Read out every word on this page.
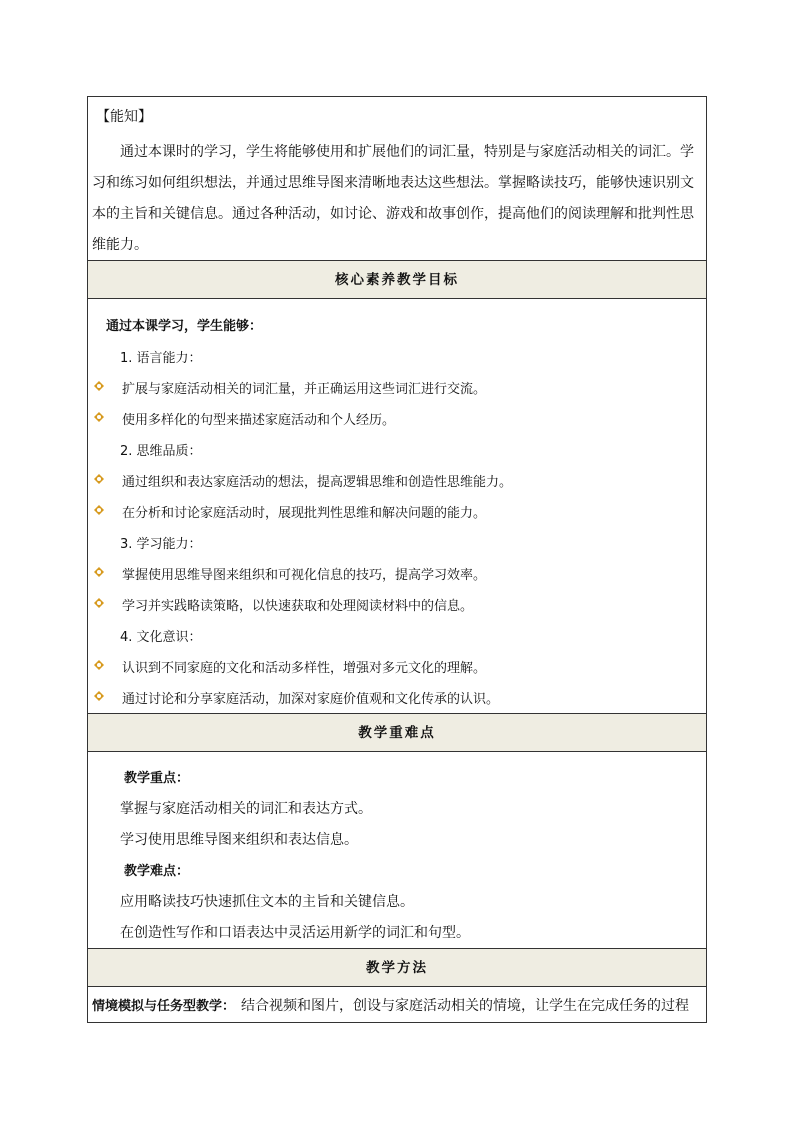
【能知】
通过本课时的学习，学生将能够使用和扩展他们的词汇量，特别是与家庭活动相关的词汇。学
习和练习如何组织想法，并通过思维导图来清晰地表达这些想法。掌握略读技巧，能够快速识别文
本的主旨和关键信息。通过各种活动，如讨论、游戏和故事创作，提高他们的阅读理解和批判性思
维能力。
核心素养教学目标
通过本课学习，学生能够：
1. 语言能力：
扩展与家庭活动相关的词汇量，并正确运用这些词汇进行交流。
使用多样化的句型来描述家庭活动和个人经历。
2. 思维品质：
通过组织和表达家庭活动的想法，提高逻辑思维和创造性思维能力。
在分析和讨论家庭活动时，展现批判性思维和解决问题的能力。
3. 学习能力：
掌握使用思维导图来组织和可视化信息的技巧，提高学习效率。
学习并实践略读策略，以快速获取和处理阅读材料中的信息。
4. 文化意识：
认识到不同家庭的文化和活动多样性，增强对多元文化的理解。
通过讨论和分享家庭活动，加深对家庭价值观和文化传承的认识。
教学重难点
教学重点：
掌握与家庭活动相关的词汇和表达方式。
学习使用思维导图来组织和表达信息。
教学难点：
应用略读技巧快速抓住文本的主旨和关键信息。
在创造性写作和口语表达中灵活运用新学的词汇和句型。
教学方法
情境模拟与任务型教学： 结合视频和图片，创设与家庭活动相关的情境，让学生在完成任务的过程
